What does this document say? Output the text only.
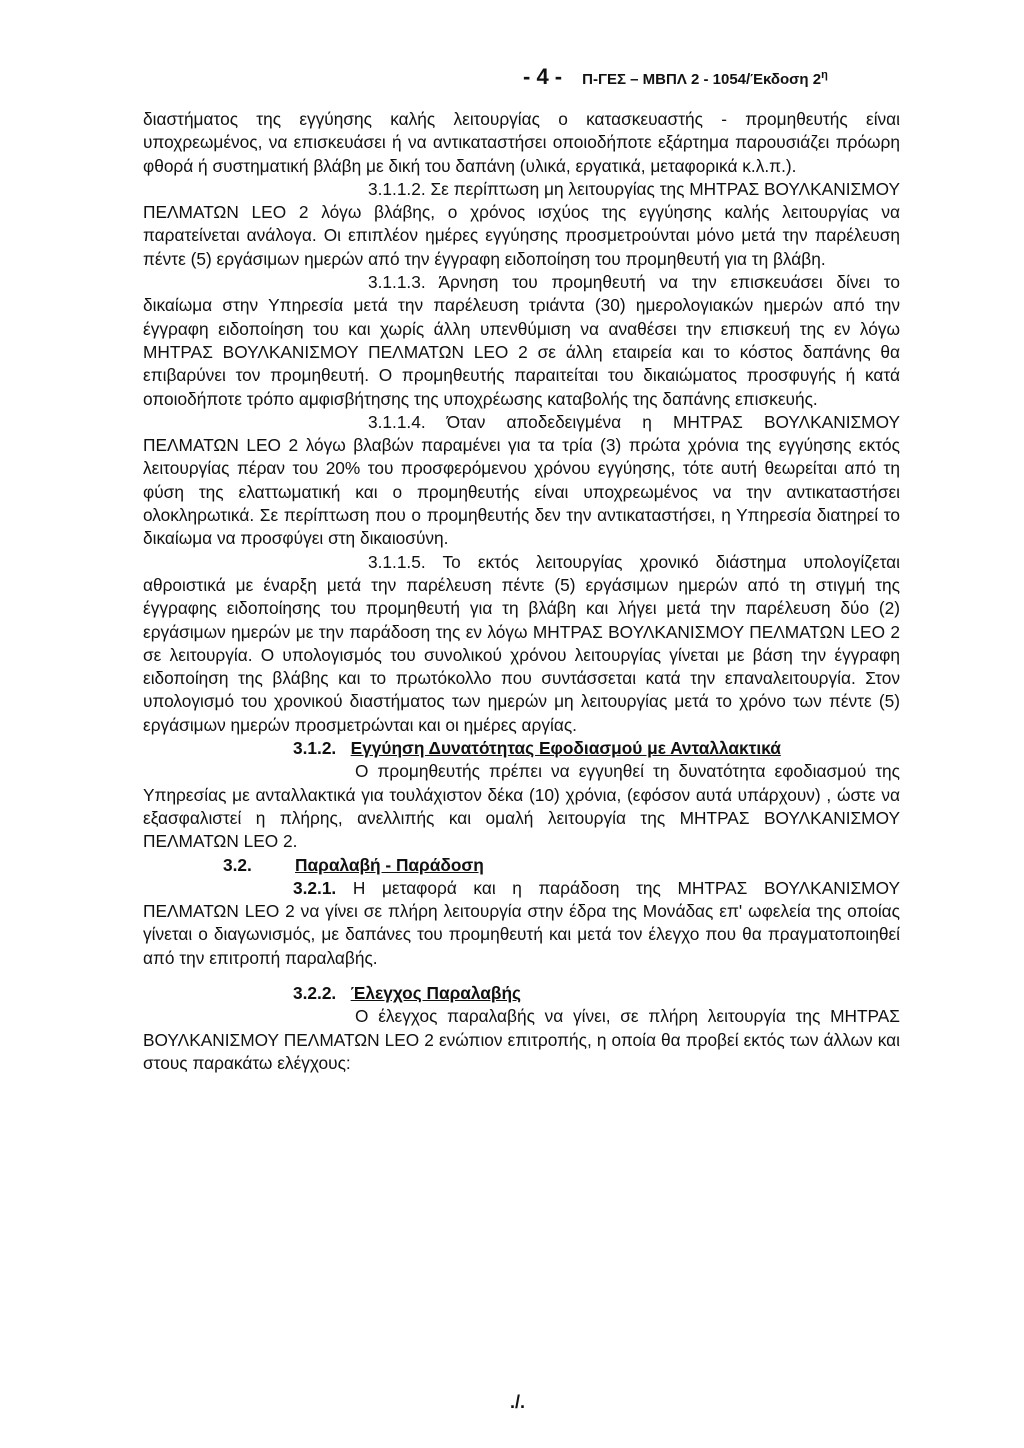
- 4 - Π-ΓΕΣ – ΜΒΠΛ 2 - 1054/Έκδοση $2^\eta$

διαστήματος της εγγύησης καλής λειτουργίας ο κατασκευαστής - προμηθευτής είναι υποχρεωμένος, να επισκευάσει ή να αντικαταστήσει οποιοδήποτε εξάρτημα παρουσιάζει πρόωρη φθορά ή συστηματική βλάβη με δική του δαπάνη (υλικά, εργατικά, μεταφορικά κ.λ.π.).

3.1.1.2. Σε περίπτωση μη λειτουργίας της ΜΗΤΡΑΣ ΒΟΥΛΚΑΝΙΣΜΟΥ ΠΕΛΜΑΤΩΝ LEO 2 λόγω βλάβης, ο χρόνος ισχύος της εγγύησης καλής λειτουργίας να παρατείνεται ανάλογα. Οι επιπλέον ημέρες εγγύησης προσμετρούνται μόνο μετά την παρέλευση πέντε (5) εργάσιμων ημερών από την έγγραφη ειδοποίηση του προμηθευτή για τη βλάβη.

3.1.1.3. Άρνηση του προμηθευτή να την επισκευάσει δίνει το δικαίωμα στην Υπηρεσία μετά την παρέλευση τριάντα (30) ημερολογιακών ημερών από την έγγραφη ειδοποίηση του και χωρίς άλλη υπενθύμιση να αναθέσει την επισκευή της εν λόγω ΜΗΤΡΑΣ ΒΟΥΛΚΑΝΙΣΜΟΥ ΠΕΛΜΑΤΩΝ LEO 2 σε άλλη εταιρεία και το κόστος δαπάνης θα επιβαρύνει τον προμηθευτή. Ο προμηθευτής παραιτείται του δικαιώματος προσφυγής ή κατά οποιοδήποτε τρόπο αμφισβήτησης της υποχρέωσης καταβολής της δαπάνης επισκευής.

3.1.1.4. Όταν αποδεδειγμένα η ΜΗΤΡΑΣ ΒΟΥΛΚΑΝΙΣΜΟΥ ΠΕΛΜΑΤΩΝ LEO 2 λόγω βλαβών παραμένει για τα τρία (3) πρώτα χρόνια της εγγύησης εκτός λειτουργίας πέραν του 20% του προσφερόμενου χρόνου εγγύησης, τότε αυτή θεωρείται από τη φύση της ελαττωματική και ο προμηθευτής είναι υποχρεωμένος να την αντικαταστήσει ολοκληρωτικά. Σε περίπτωση που ο προμηθευτής δεν την αντικαταστήσει, η Υπηρεσία διατηρεί το δικαίωμα να προσφύγει στη δικαιοσύνη.

3.1.1.5. Το εκτός λειτουργίας χρονικό διάστημα υπολογίζεται αθροιστικά με έναρξη μετά την παρέλευση πέντε (5) εργάσιμων ημερών από τη στιγμή της έγγραφης ειδοποίησης του προμηθευτή για τη βλάβη και λήγει μετά την παρέλευση δύο (2) εργάσιμων ημερών με την παράδοση της εν λόγω ΜΗΤΡΑΣ ΒΟΥΛΚΑΝΙΣΜΟΥ ΠΕΛΜΑΤΩΝ LEO 2 σε λειτουργία. Ο υπολογισμός του συνολικού χρόνου λειτουργίας γίνεται με βάση την έγγραφη ειδοποίηση της βλάβης και το πρωτόκολλο που συντάσσεται κατά την επαναλειτουργία. Στον υπολογισμό του χρονικού διαστήματος των ημερών μη λειτουργίας μετά το χρόνο των πέντε (5) εργάσιμων ημερών προσμετρώνται και οι ημέρες αργίας.

3.1.2. Εγγύηση Δυνατότητας Εφοδιασμού με Ανταλλακτικά

Ο προμηθευτής πρέπει να εγγυηθεί τη δυνατότητα εφοδιασμού της Υπηρεσίας με ανταλλακτικά για τουλάχιστον δέκα (10) χρόνια, (εφόσον αυτά υπάρχουν) , ώστε να εξασφαλιστεί η πλήρης, ανελλιπής και ομαλή λειτουργία της ΜΗΤΡΑΣ ΒΟΥΛΚΑΝΙΣΜΟΥ ΠΕΛΜΑΤΩΝ LEO 2.

3.2. Παραλαβή - Παράδοση

3.2.1. Η μεταφορά και η παράδοση της ΜΗΤΡΑΣ ΒΟΥΛΚΑΝΙΣΜΟΥ ΠΕΛΜΑΤΩΝ LEO 2 να γίνει σε πλήρη λειτουργία στην έδρα της Μονάδας επ' ωφελεία της οποίας γίνεται ο διαγωνισμός, με δαπάνες του προμηθευτή και μετά τον έλεγχο που θα πραγματοποιηθεί από την επιτροπή παραλαβής.

3.2.2. Έλεγχος Παραλαβής

Ο έλεγχος παραλαβής να γίνει, σε πλήρη λειτουργία της ΜΗΤΡΑΣ ΒΟΥΛΚΑΝΙΣΜΟΥ ΠΕΛΜΑΤΩΝ LEO 2 ενώπιον επιτροπής, η οποία θα προβεί εκτός των άλλων και στους παρακάτω ελέγχους:

./.
